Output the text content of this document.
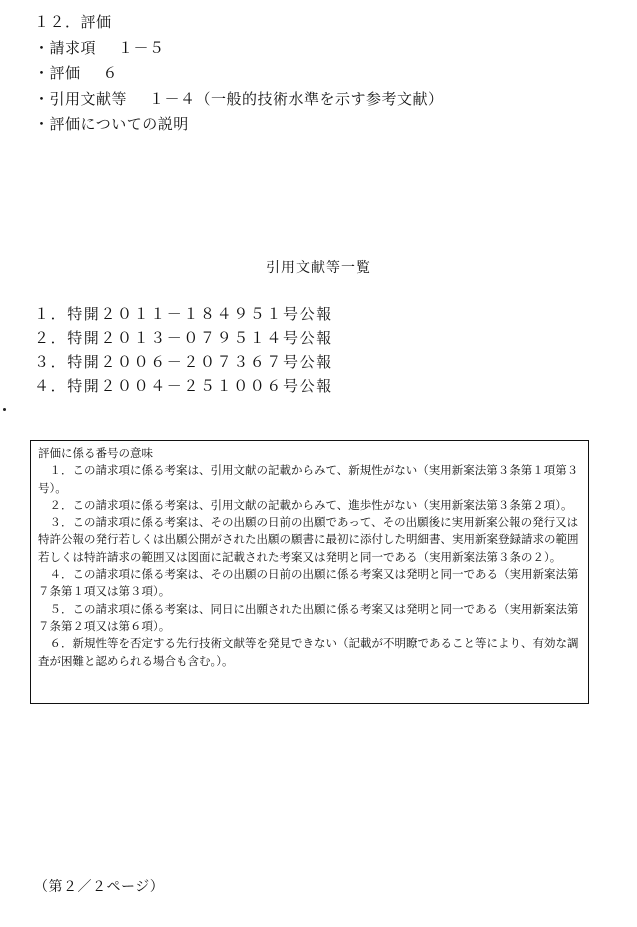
１２．評価
・請求項 １－５
・評価 ６
・引用文献等 １－４（一般的技術水準を示す参考文献）
・評価についての説明
引用文献等一覧
１．特開２０１１－１８４９５１号公報
２．特開２０１３－０７９５１４号公報
３．特開２００６－２０７３６７号公報
４．特開２００４－２５１００６号公報
評価に係る番号の意味
１．この請求項に係る考案は、引用文献の記載からみて、新規性がない（実用新案法第３条第１項第３号）。
２．この請求項に係る考案は、引用文献の記載からみて、進歩性がない（実用新案法第３条第２項）。
３．この請求項に係る考案は、その出願の日前の出願であって、その出願後に実用新案公報の発行又は特許公報の発行若しくは出願公開がされた出願の願書に最初に添付した明細書、実用新案登録請求の範囲若しくは特許請求の範囲又は図面に記載された考案又は発明と同一である（実用新案法第３条の２）。
４．この請求項に係る考案は、その出願の日前の出願に係る考案又は発明と同一である（実用新案法第７条第１項又は第３項）。
５．この請求項に係る考案は、同日に出願された出願に係る考案又は発明と同一である（実用新案法第７条第２項又は第６項）。
６．新規性等を否定する先行技術文献等を発見できない（記載が不明瞭であること等により、有効な調査が困難と認められる場合も含む。）。
（第２／２ページ）
